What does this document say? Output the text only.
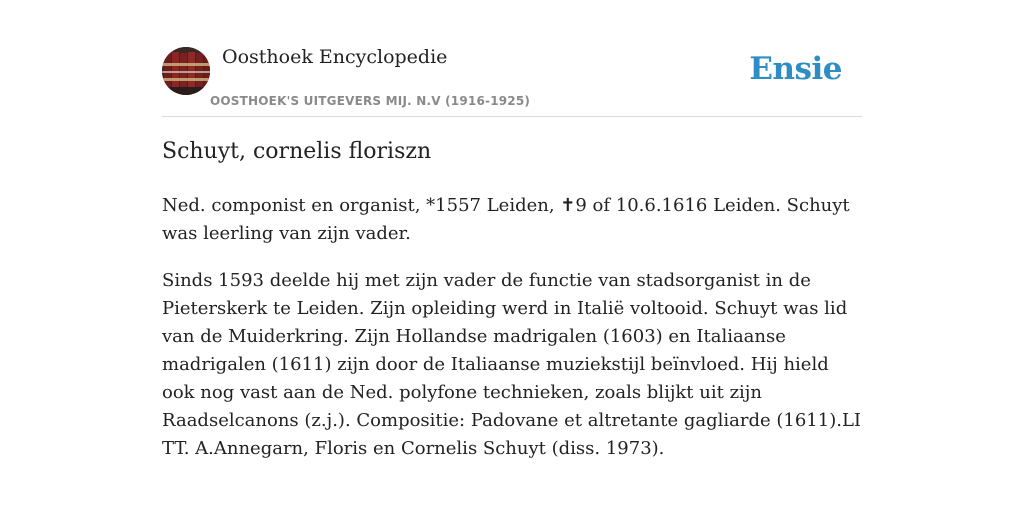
Oosthoek Encyclopedie
OOSTHOEK'S UITGEVERS MIJ. N.V (1916-1925)
Ensie
Schuyt, cornelis floriszn

Ned. componist en organist, *1557 Leiden, ✝9 of 10.6.1616 Leiden. Schuyt was leerling van zijn vader.

Sinds 1593 deelde hij met zijn vader de functie van stadsorganist in de Pieterskerk te Leiden. Zijn opleiding werd in Italië voltooid. Schuyt was lid van de Muiderkring. Zijn Hollandse madrigalen (1603) en Italiaanse madrigalen (1611) zijn door de Italiaanse muziekstijl beïnvloed. Hij hield ook nog vast aan de Ned. polyfone technieken, zoals blijkt uit zijn Raadselcanons (z.j.). Compositie: Padovane et altretante gagliarde (1611).LI TT. A.Annegarn, Floris en Cornelis Schuyt (diss. 1973).
